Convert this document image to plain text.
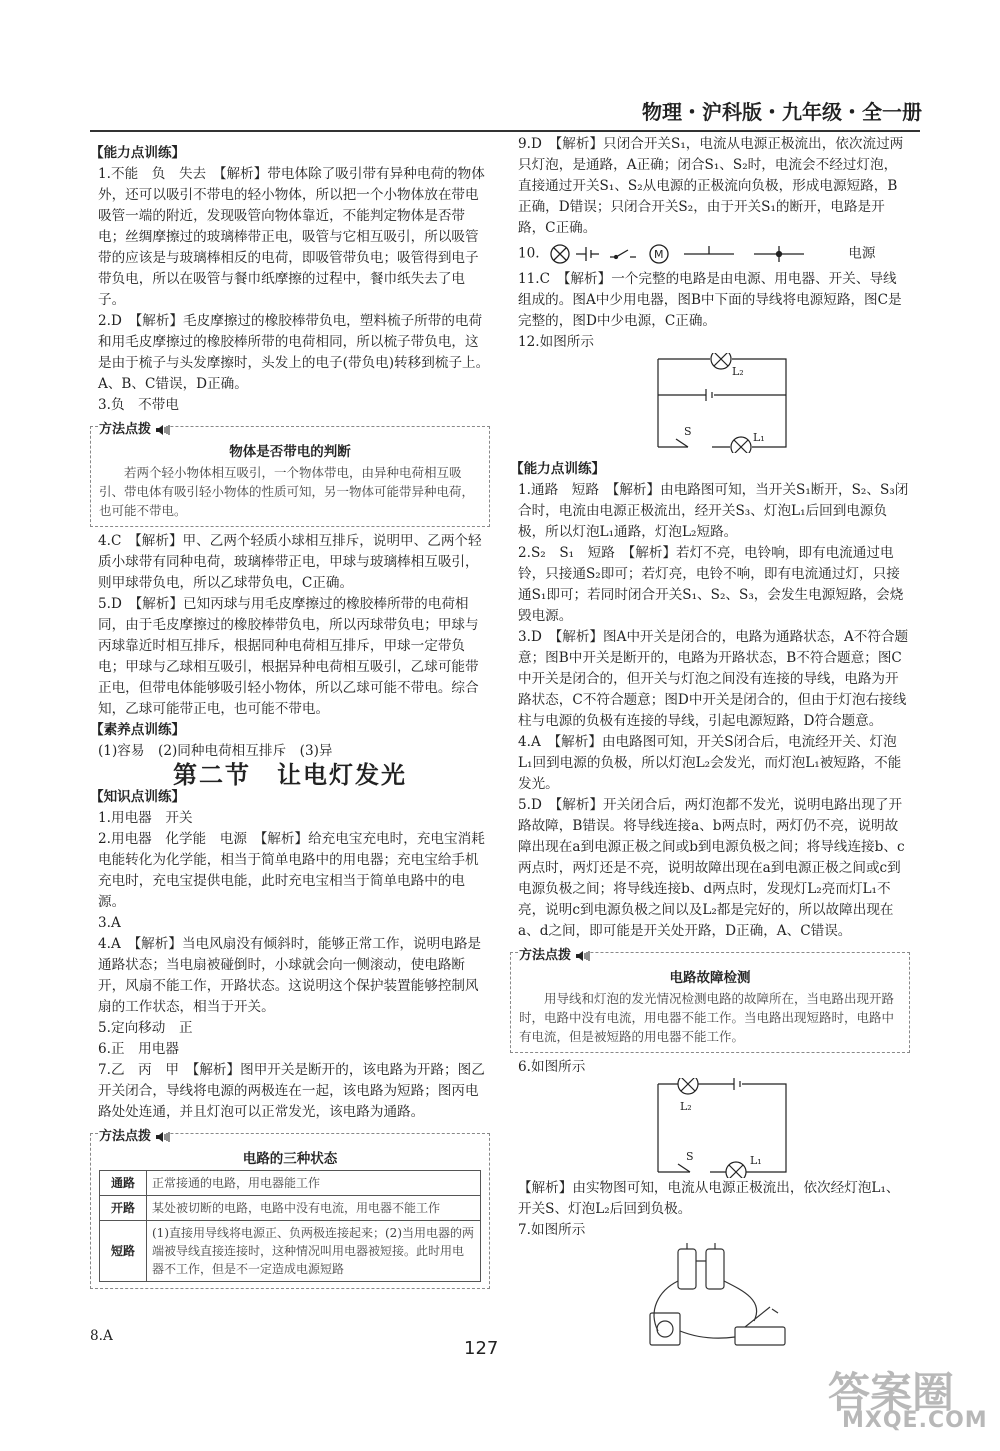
物理・沪科版・九年级・全一册

【能力点训练】

1.不能　负　失去　【解析】带电体除了吸引带有异种电荷的物体外，还可以吸引不带电的轻小物体，所以把一个小物体放在带电吸管一端的附近，发现吸管向物体靠近，不能判定物体是否带电；丝绸摩擦过的玻璃棒带正电，吸管与它相互吸引，所以吸管带的应该是与玻璃棒相反的电荷，即吸管带负电；吸管得到电子带负电，所以在吸管与餐巾纸摩擦的过程中，餐巾纸失去了电子。

2.D　【解析】毛皮摩擦过的橡胶棒带负电，塑料梳子所带的电荷和用毛皮摩擦过的橡胶棒所带的电荷相同，所以梳子带负电，这是由于梳子与头发摩擦时，头发上的电子(带负电)转移到梳子上。A、B、C错误，D正确。

3.负　不带电

方法点拨
物体是否带电的判断
若两个轻小物体相互吸引，一个物体带电，由异种电荷相互吸引、带电体有吸引轻小物体的性质可知，另一物体可能带异种电荷，也可能不带电。

4.C　【解析】甲、乙两个轻质小球相互排斥，说明甲、乙两个轻质小球带有同种电荷，玻璃棒带正电，甲球与玻璃棒相互吸引，则甲球带负电，所以乙球带负电，C正确。

5.D　【解析】已知丙球与用毛皮摩擦过的橡胶棒所带的电荷相同，由于毛皮摩擦过的橡胶棒带负电，所以丙球带负电；甲球与丙球靠近时相互排斥，根据同种电荷相互排斥，甲球一定带负电；甲球与乙球相互吸引，根据异种电荷相互吸引，乙球可能带正电，但带电体能够吸引轻小物体，所以乙球可能不带电。综合知，乙球可能带正电，也可能不带电。

【素养点训练】

(1)容易　(2)同种电荷相互排斥　(3)异

第二节　让电灯发光

【知识点训练】

1.用电器　开关

2.用电器　化学能　电源　【解析】给充电宝充电时，充电宝消耗电能转化为化学能，相当于简单电路中的用电器；充电宝给手机充电时，充电宝提供电能，此时充电宝相当于简单电路中的电源。

3.A

4.A　【解析】当电风扇没有倾斜时，能够正常工作，说明电路是通路状态；当电扇被碰倒时，小球就会向一侧滚动，使电路断开，风扇不能工作，开路状态。这说明这个保护装置能够控制风扇的工作状态，相当于开关。

5.定向移动　正

6.正　用电器

7.乙　丙　甲　【解析】图甲开关是断开的，该电路为开路；图乙开关闭合，导线将电源的两极连在一起，该电路为短路；图丙电路处处连通，并且灯泡可以正常发光，该电路为通路。

方法点拨
电路的三种状态
通路	正常接通的电路，用电器能工作
开路	某处被切断的电路，电路中没有电流，用电器不能工作
短路	(1)直接用导线将电源正、负两极连接起来；(2)当用电器的两端被导线直接连接时，这种情况叫用电器被短接。此时用电器不工作，但是不一定造成电源短路
8.A

9.D　【解析】只闭合开关S₁，电流从电源正极流出，依次流过两只灯泡，是通路，A正确；闭合S₁、S₂时，电流会不经过灯泡，直接通过开关S₁、S₂从电源的正极流向负极，形成电源短路，B正确，D错误；只闭合开关S₂，由于开关S₁的断开，电路是开路，C正确。

10.	M	电源

11.C　【解析】一个完整的电路是由电源、用电器、开关、导线组成的。图A中少用电器，图B中下面的导线将电源短路，图C是完整的，图D中少电源，C正确。

12.如图所示

L₂
L₁
S

【能力点训练】

1.通路　短路　【解析】由电路图可知，当开关S₁断开，S₂、S₃闭合时，电流由电源正极流出，经开关S₃、灯泡L₁后回到电源负极，所以灯泡L₁通路，灯泡L₂短路。

2.S₂　S₁　短路　【解析】若灯不亮，电铃响，即有电流通过电铃，只接通S₂即可；若灯亮，电铃不响，即有电流通过灯，只接通S₁即可；若同时闭合开关S₁、S₂、S₃，会发生电源短路，会烧毁电源。

3.D　【解析】图A中开关是闭合的，电路为通路状态，A不符合题意；图B中开关是断开的，电路为开路状态，B不符合题意；图C中开关是闭合的，但开关与灯泡之间没有连接的导线，电路为开路状态，C不符合题意；图D中开关是闭合的，但由于灯泡右接线柱与电源的负极有连接的导线，引起电源短路，D符合题意。

4.A　【解析】由电路图可知，开关S闭合后，电流经开关、灯泡L₁回到电源的负极，所以灯泡L₂会发光，而灯泡L₁被短路，不能发光。

5.D　【解析】开关闭合后，两灯泡都不发光，说明电路出现了开路故障，B错误。将导线连接a、b两点时，两灯仍不亮，说明故障出现在a到电源正极之间或b到电源负极之间；将导线连接b、c两点时，两灯还是不亮，说明故障出现在a到电源正极之间或c到电源负极之间；将导线连接b、d两点时，发现灯L₂亮而灯L₁不亮，说明c到电源负极之间以及L₂都是完好的，所以故障出现在a、d之间，即可能是开关处开路，D正确，A、C错误。

方法点拨
电路故障检测
用导线和灯泡的发光情况检测电路的故障所在，当电路出现开路时，电路中没有电流，用电器不能工作。当电路出现短路时，电路中有电流，但是被短路的用电器不能工作。

6.如图所示

L₂
L₁
S

【解析】由实物图可知，电流从电源正极流出，依次经灯泡L₁、开关S、灯泡L₂后回到负极。

7.如图所示

127
答案圈
MXQE.COM
